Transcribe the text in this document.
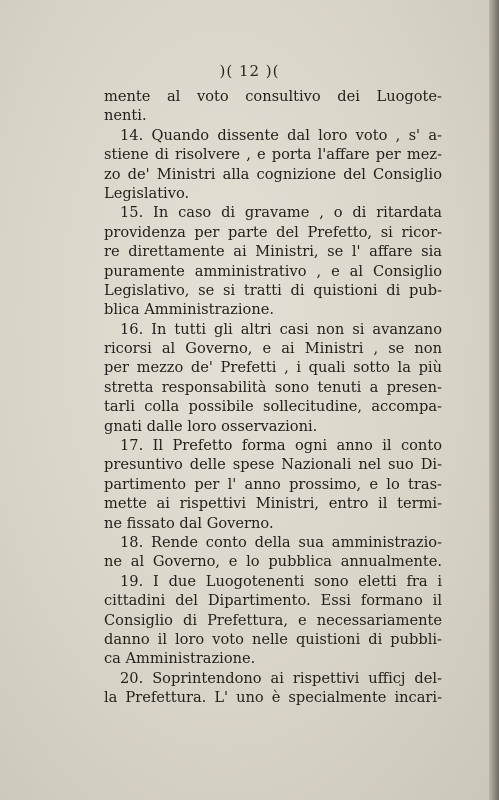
)( 12 )(
mente al voto consultivo dei Luogote-
nenti.
14. Quando dissente dal loro voto , s' a-
stiene di risolvere , e porta l'affare per mez-
zo de' Ministri alla cognizione del Consiglio
Legislativo.
15. In caso di gravame , o di ritardata
providenza per parte del Prefetto, si ricor-
re direttamente ai Ministri, se l' affare sia
puramente amministrativo , e al Consiglio
Legislativo, se si tratti di quistioni di pub-
blica Amministrazione.
16. In tutti gli altri casi non si avanzano
ricorsi al Governo, e ai Ministri , se non
per mezzo de' Prefetti , i quali sotto la più
stretta responsabilità sono tenuti a presen-
tarli colla possibile sollecitudine, accompa-
gnati dalle loro osservazioni.
17. Il Prefetto forma ogni anno il conto
presuntivo delle spese Nazionali nel suo Di-
partimento per l' anno prossimo, e lo tras-
mette ai rispettivi Ministri, entro il termi-
ne fissato dal Governo.
18. Rende conto della sua amministrazio-
ne al Governo, e lo pubblica annualmente.
19. I due Luogotenenti sono eletti fra i
cittadini del Dipartimento. Essi formano il
Consiglio di Prefettura, e necessariamente
danno il loro voto nelle quistioni di pubbli-
ca Amministrazione.
20. Soprintendono ai rispettivi ufficj del-
la Prefettura. L' uno è specialmente incari-
